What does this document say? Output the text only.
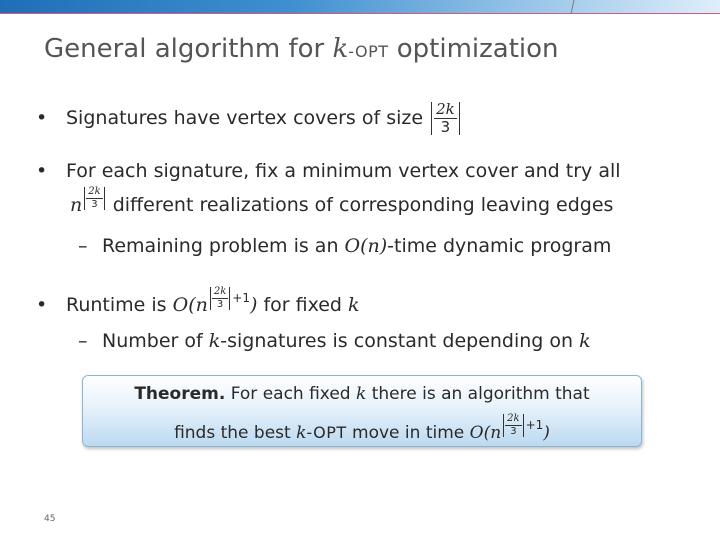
General algorithm for k-OPT optimization
• Signatures have vertex covers of size $\frac{2k}{3}$
• For each signature, fix a minimum vertex cover and try all
n $\frac{2k}{3}$ different realizations of corresponding leaving edges
– Remaining problem is an O(n)-time dynamic program
• Runtime is $O(n \frac{2k}{3} +1)$ for fixed k
– Number of k-signatures is constant depending on k
Theorem. For each fixed k there is an algorithm that
finds the best k-OPT move in time $O(n \frac{2k}{3} +1)$
45
